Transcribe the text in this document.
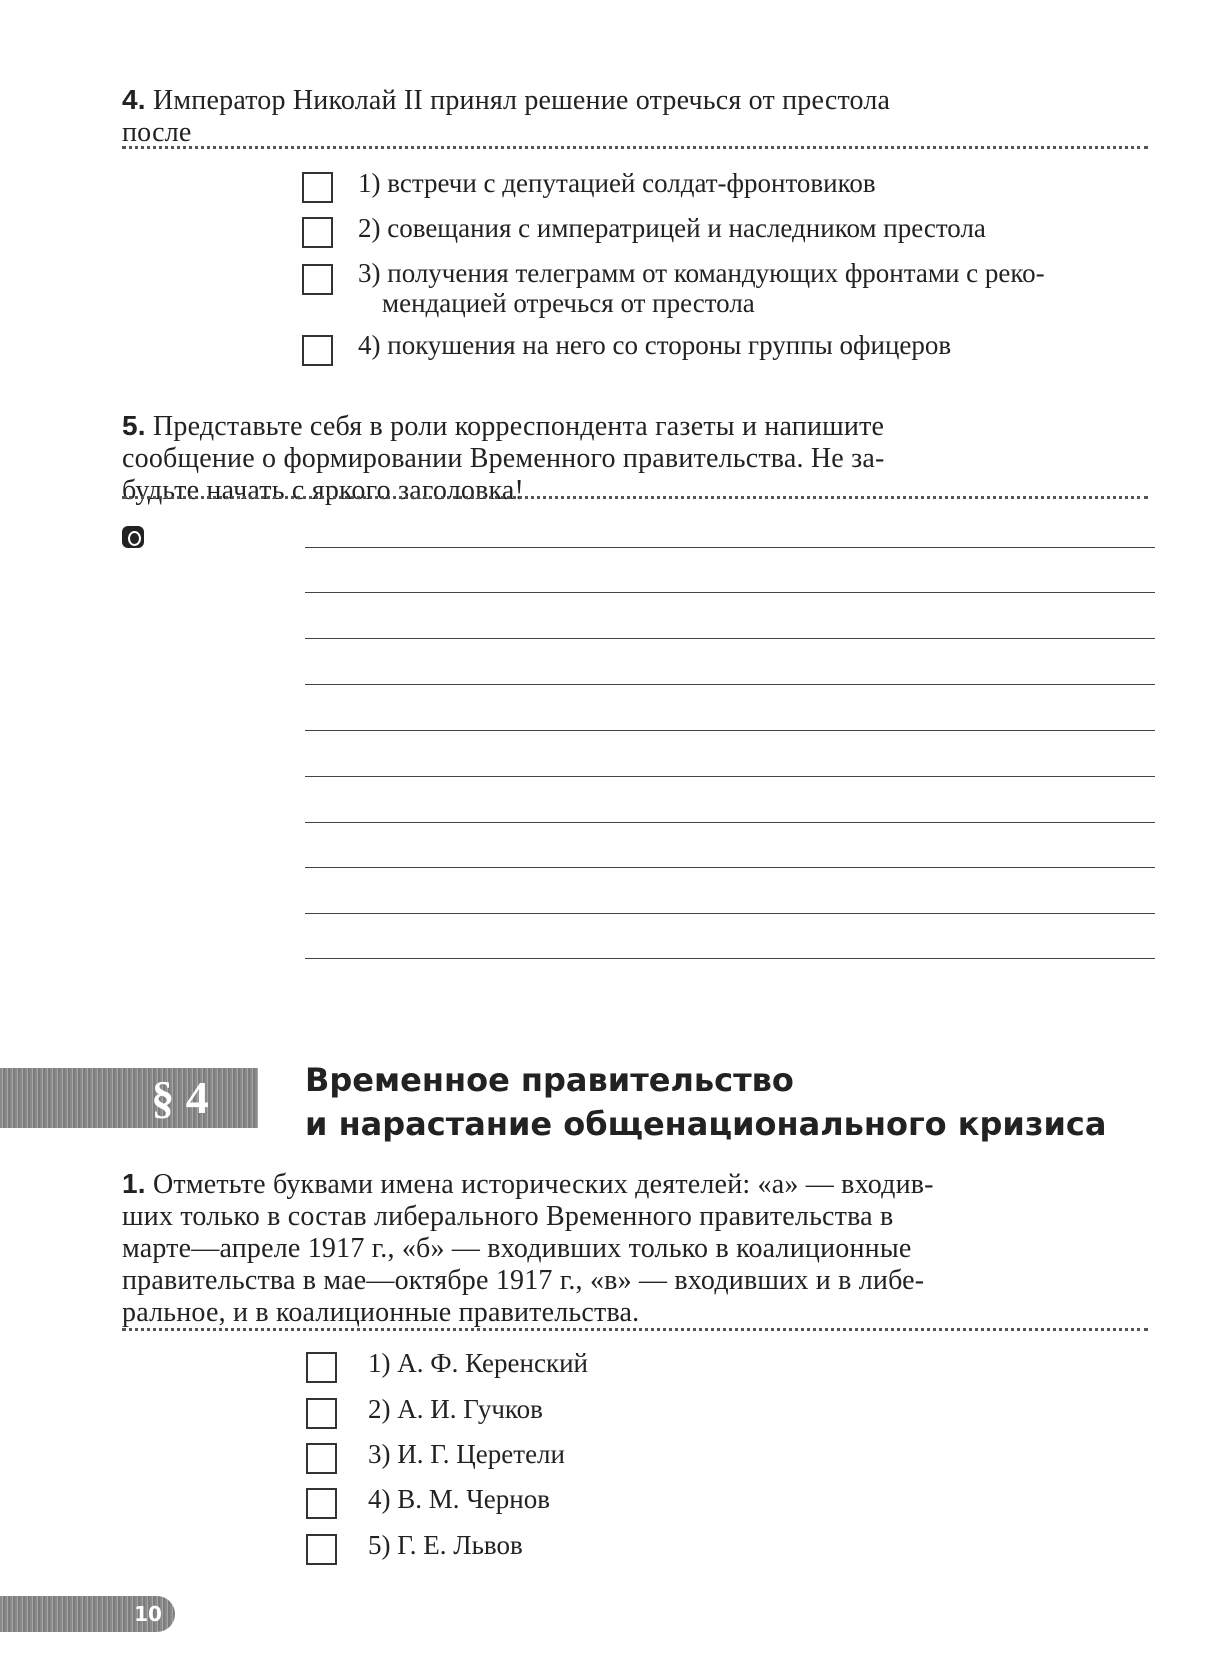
4. Император Николай II принял решение отречься от престола
после
1) встречи с депутацией солдат-фронтовиков
2) совещания с императрицей и наследником престола
3) получения телеграмм от командующих фронтами с реко-
мендацией отречься от престола
4) покушения на него со стороны группы офицеров
5. Представьте себя в роли корреспондента газеты и напишите
сообщение о формировании Временного правительства. Не за-
будьте начать с яркого заголовка!
§ 4	Временное правительство
и нарастание общенационального кризиса
1. Отметьте буквами имена исторических деятелей: «а» — входив-
ших только в состав либерального Временного правительства в
марте—апреле 1917 г., «б» — входивших только в коалиционные
правительства в мае—октябре 1917 г., «в» — входивших и в либе-
ральное, и в коалиционные правительства.
1) А. Ф. Керенский
2) А. И. Гучков
3) И. Г. Церетели
4) В. М. Чернов
5) Г. Е. Львов
10
